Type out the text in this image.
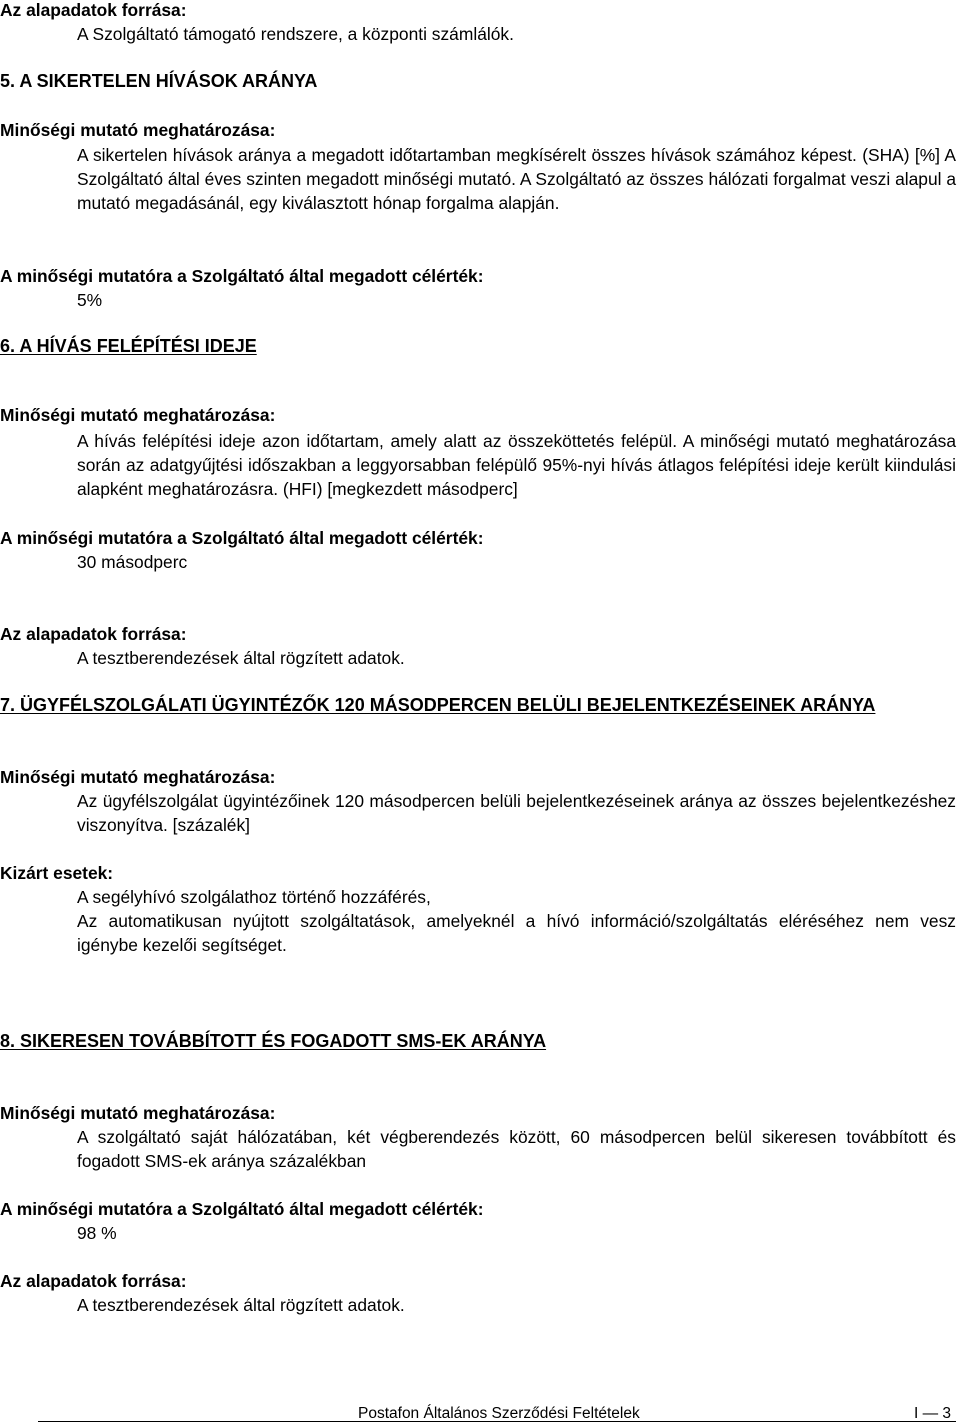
Az alapadatok forrása:
A Szolgáltató támogató rendszere, a központi számlálók.
5. A SIKERTELEN HÍVÁSOK ARÁNYA
Minőségi mutató meghatározása:
A sikertelen hívások aránya a megadott időtartamban megkísérelt összes hívások számához képest. (SHA) [%] A Szolgáltató által éves szinten megadott minőségi mutató. A Szolgáltató az összes hálózati forgalmat veszi alapul a mutató megadásánál, egy kiválasztott hónap forgalma alapján.
A minőségi mutatóra a Szolgáltató által megadott célérték:
5%
6. A HÍVÁS FELÉPÍTÉSI IDEJE
Minőségi mutató meghatározása:
A hívás felépítési ideje azon időtartam, amely alatt az összeköttetés felépül. A minőségi mutató meghatározása során az adatgyűjtési időszakban a leggyorsabban felépülő 95%-nyi hívás átlagos felépítési ideje került kiindulási alapként meghatározásra. (HFI) [megkezdett másodperc]
A minőségi mutatóra a Szolgáltató által megadott célérték:
30 másodperc
Az alapadatok forrása:
A tesztberendezések által rögzített adatok.
7. ÜGYFÉLSZOLGÁLATI ÜGYINTÉZŐK 120 MÁSODPERCEN BELÜLI BEJELENTKEZÉSEINEK ARÁNYA
Minőségi mutató meghatározása:
Az ügyfélszolgálat ügyintézőinek 120 másodpercen belüli bejelentkezéseinek aránya az összes bejelentkezéshez viszonyítva. [százalék]
Kizárt esetek:
A segélyhívó szolgálathoz történő hozzáférés,
Az automatikusan nyújtott szolgáltatások, amelyeknél a hívó információ/szolgáltatás eléréséhez nem vesz igénybe kezelői segítséget.
8. SIKERESEN TOVÁBBÍTOTT ÉS FOGADOTT SMS-EK ARÁNYA
Minőségi mutató meghatározása:
A szolgáltató saját hálózatában, két végberendezés között, 60 másodpercen belül sikeresen továbbított és fogadott SMS-ek aránya százalékban
A minőségi mutatóra a Szolgáltató által megadott célérték:
98 %
Az alapadatok forrása:
A tesztberendezések által rögzített adatok.
Postafon Általános Szerződési Feltételek	I — 3
